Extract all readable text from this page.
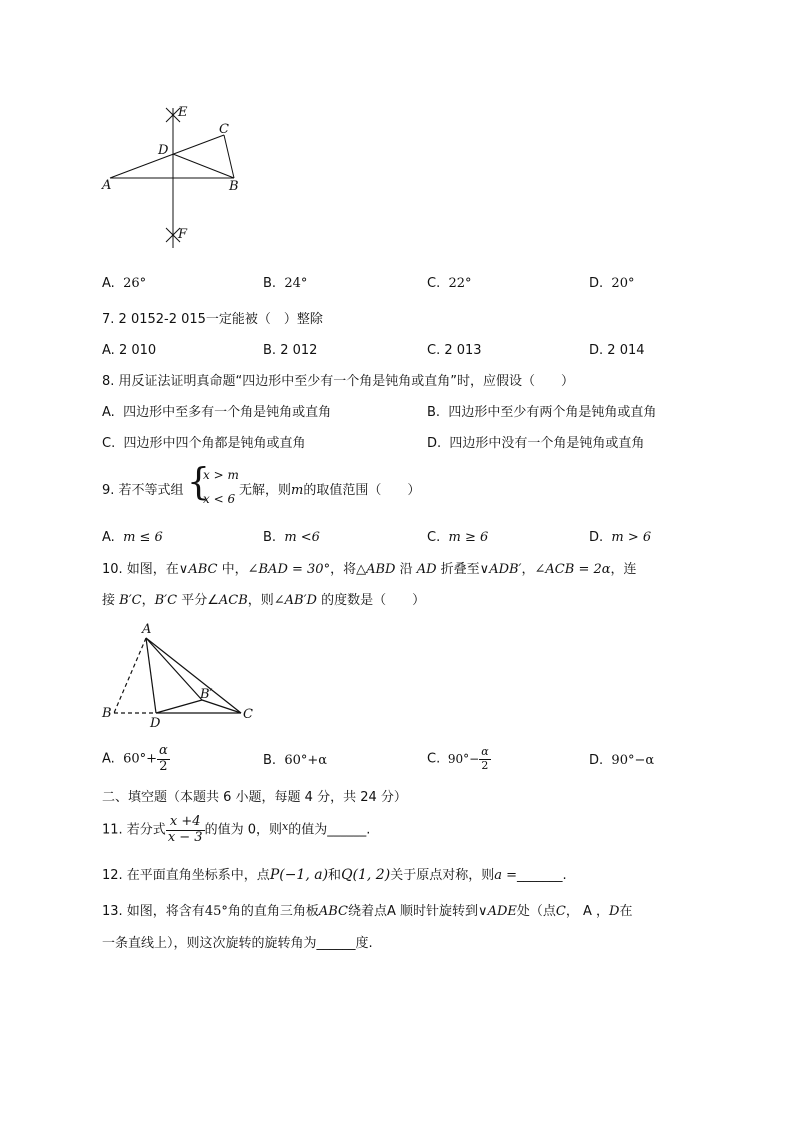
E
C
D
A	B
F
A. 26°	B. 24°	C. 22°	D. 20°
7. 2 0152-2 015一定能被（　）整除
A. 2 010	B. 2 012	C. 2 013	D. 2 014
8. 用反证法证明真命题“四边形中至少有一个角是钝角或直角”时，应假设（　　）
A. 四边形中至多有一个角是钝角或直角	B. 四边形中至少有两个角是钝角或直角
C. 四边形中四个角都是钝角或直角	D. 四边形中没有一个角是钝角或直角
9. 若不等式组 {
x > m
x < 6
无解，则m的取值范围（　　）
A. m ≤ 6	B. m <6	C. m ≥ 6	D. m > 6
10. 如图，在∨ABC 中，∠BAD = 30°，将△ABD 沿 AD 折叠至∨ADB′，∠ACB = 2α，连
接 B′C，B′C 平分∠ACB，则∠AB′D 的度数是（　　）
A
B′
B
D
C
A. $60^\circ+ \frac{\alpha}{2}$	B. 60°+α	C. $90^\circ- \frac{\alpha}{2}$	D. 90°−α
二、填空题（本题共 6 小题，每题 4 分，共 24 分）
11. 若分式 $\frac{x +4}{x - 3}$ 的值为 0，则$^x$的值为______.
12. 在平面直角坐标系中，点P(−1, a)和Q(1, 2)关于原点对称，则a =_______.
13. 如图，将含有45°角的直角三角板ABC绕着点A 顺时针旋转到∨ADE处（点C， A ，D在
一条直线上），则这次旋转的旋转角为______度.
